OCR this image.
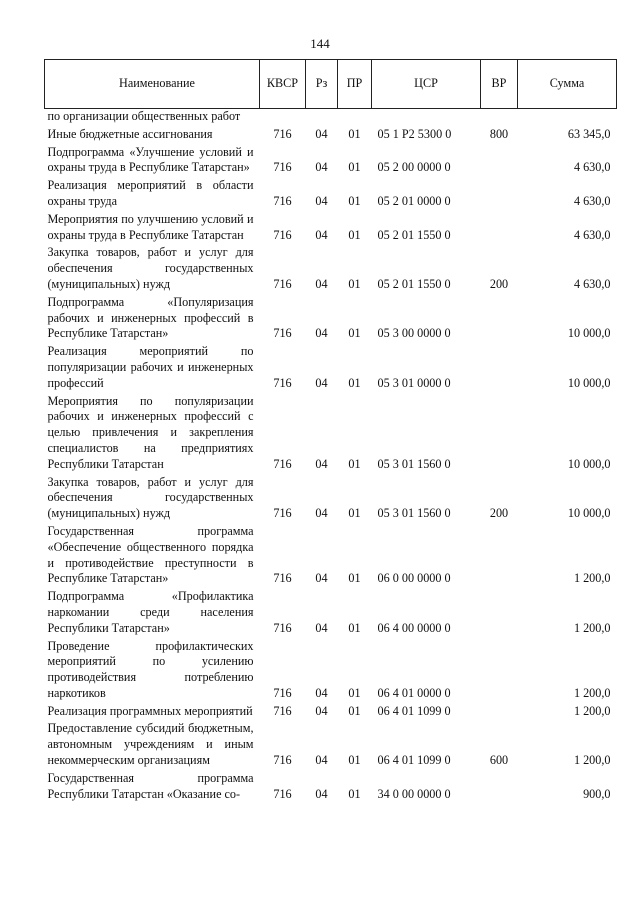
144
Наименование	КВСР	Рз	ПР	ЦСР	ВР	Сумма
по организации общественных работ						
Иные бюджетные ассигнования	716	04	01	05 1 Р2 5300 0	800	63 345,0
Подпрограмма «Улучшение условий и охраны труда в Республике Татарстан»	716	04	01	05 2 00 0000 0		4 630,0
Реализация мероприятий в области охраны труда	716	04	01	05 2 01 0000 0		4 630,0
Мероприятия по улучшению условий и охраны труда в Республике Татарстан	716	04	01	05 2 01 1550 0		4 630,0
Закупка товаров, работ и услуг для обеспечения государственных (муниципальных) нужд	716	04	01	05 2 01 1550 0	200	4 630,0
Подпрограмма «Популяризация рабочих и инженерных профессий в Республике Татарстан»	716	04	01	05 3 00 0000 0		10 000,0
Реализация мероприятий по популяризации рабочих и инженерных профессий	716	04	01	05 3 01 0000 0		10 000,0
Мероприятия по популяризации рабочих и инженерных профессий с целью привлечения и закрепления специалистов на предприятиях Республики Татарстан	716	04	01	05 3 01 1560 0		10 000,0
Закупка товаров, работ и услуг для обеспечения государственных (муниципальных) нужд	716	04	01	05 3 01 1560 0	200	10 000,0
Государственная программа «Обеспечение общественного порядка и противодействие преступности в Республике Татарстан»	716	04	01	06 0 00 0000 0		1 200,0
Подпрограмма «Профилактика наркомании среди населения Республики Татарстан»	716	04	01	06 4 00 0000 0		1 200,0
Проведение профилактических мероприятий по усилению противодействия потреблению наркотиков	716	04	01	06 4 01 0000 0		1 200,0
Реализация программных мероприятий	716	04	01	06 4 01 1099 0		1 200,0
Предоставление субсидий бюджетным, автономным учреждениям и иным некоммерческим организациям	716	04	01	06 4 01 1099 0	600	1 200,0
Государственная программа Республики Татарстан «Оказание со-	716	04	01	34 0 00 0000 0		900,0
